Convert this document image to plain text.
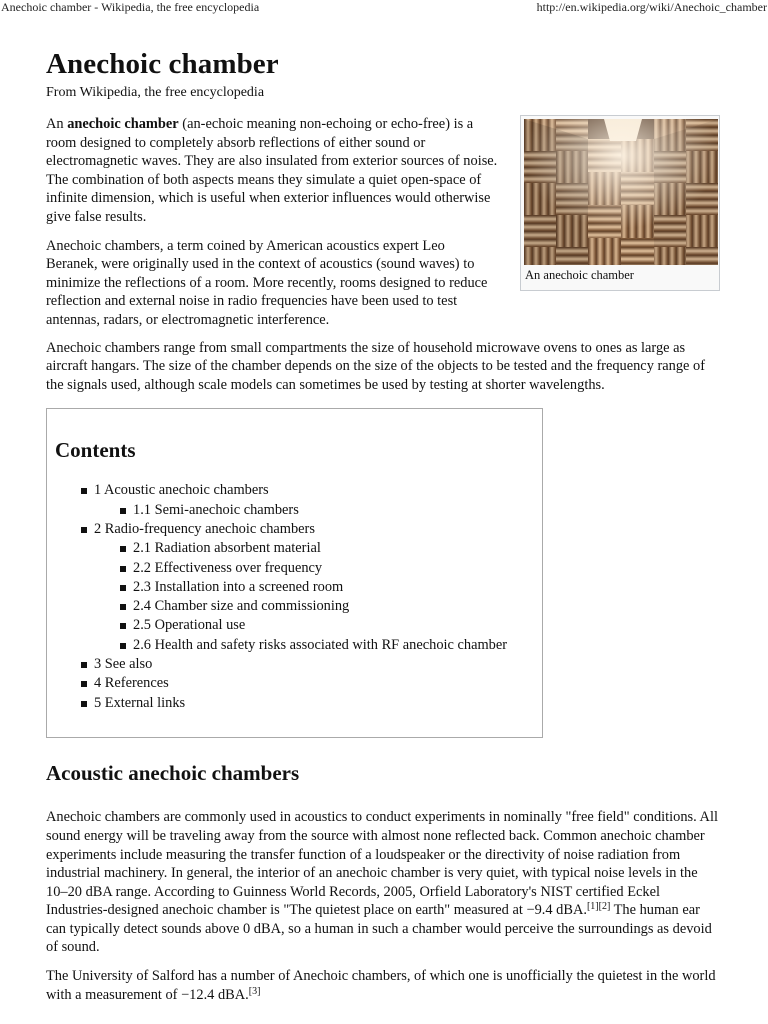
Anechoic chamber - Wikipedia, the free encyclopedia	http://en.wikipedia.org/wiki/Anechoic_chamber
Anechoic chamber

From Wikipedia, the free encyclopedia

An anechoic chamber (an-echoic meaning non-echoing or echo-free) is a room designed to completely absorb reflections of either sound or electromagnetic waves. They are also insulated from exterior sources of noise. The combination of both aspects means they simulate a quiet open-space of infinite dimension, which is useful when exterior influences would otherwise give false results.

Anechoic chambers, a term coined by American acoustics expert Leo Beranek, were originally used in the context of acoustics (sound waves) to minimize the reflections of a room. More recently, rooms designed to reduce reflection and external noise in radio frequencies have been used to test antennas, radars, or electromagnetic interference.

An anechoic chamber

Anechoic chambers range from small compartments the size of household microwave ovens to ones as large as aircraft hangars. The size of the chamber depends on the size of the objects to be tested and the frequency range of the signals used, although scale models can sometimes be used by testing at shorter wavelengths.

Contents
1 Acoustic anechoic chambers
1.1 Semi-anechoic chambers
2 Radio-frequency anechoic chambers
2.1 Radiation absorbent material
2.2 Effectiveness over frequency
2.3 Installation into a screened room
2.4 Chamber size and commissioning
2.5 Operational use
2.6 Health and safety risks associated with RF anechoic chamber
3 See also
4 References
5 External links
Acoustic anechoic chambers

Anechoic chambers are commonly used in acoustics to conduct experiments in nominally "free field" conditions. All sound energy will be traveling away from the source with almost none reflected back. Common anechoic chamber experiments include measuring the transfer function of a loudspeaker or the directivity of noise radiation from industrial machinery. In general, the interior of an anechoic chamber is very quiet, with typical noise levels in the 10–20 dBA range. According to Guinness World Records, 2005, Orfield Laboratory's NIST certified Eckel Industries-designed anechoic chamber is "The quietest place on earth" measured at −9.4 dBA.[1][2] The human ear can typically detect sounds above 0 dBA, so a human in such a chamber would perceive the surroundings as devoid of sound.

The University of Salford has a number of Anechoic chambers, of which one is unofficially the quietest in the world with a measurement of −12.4 dBA.[3]
